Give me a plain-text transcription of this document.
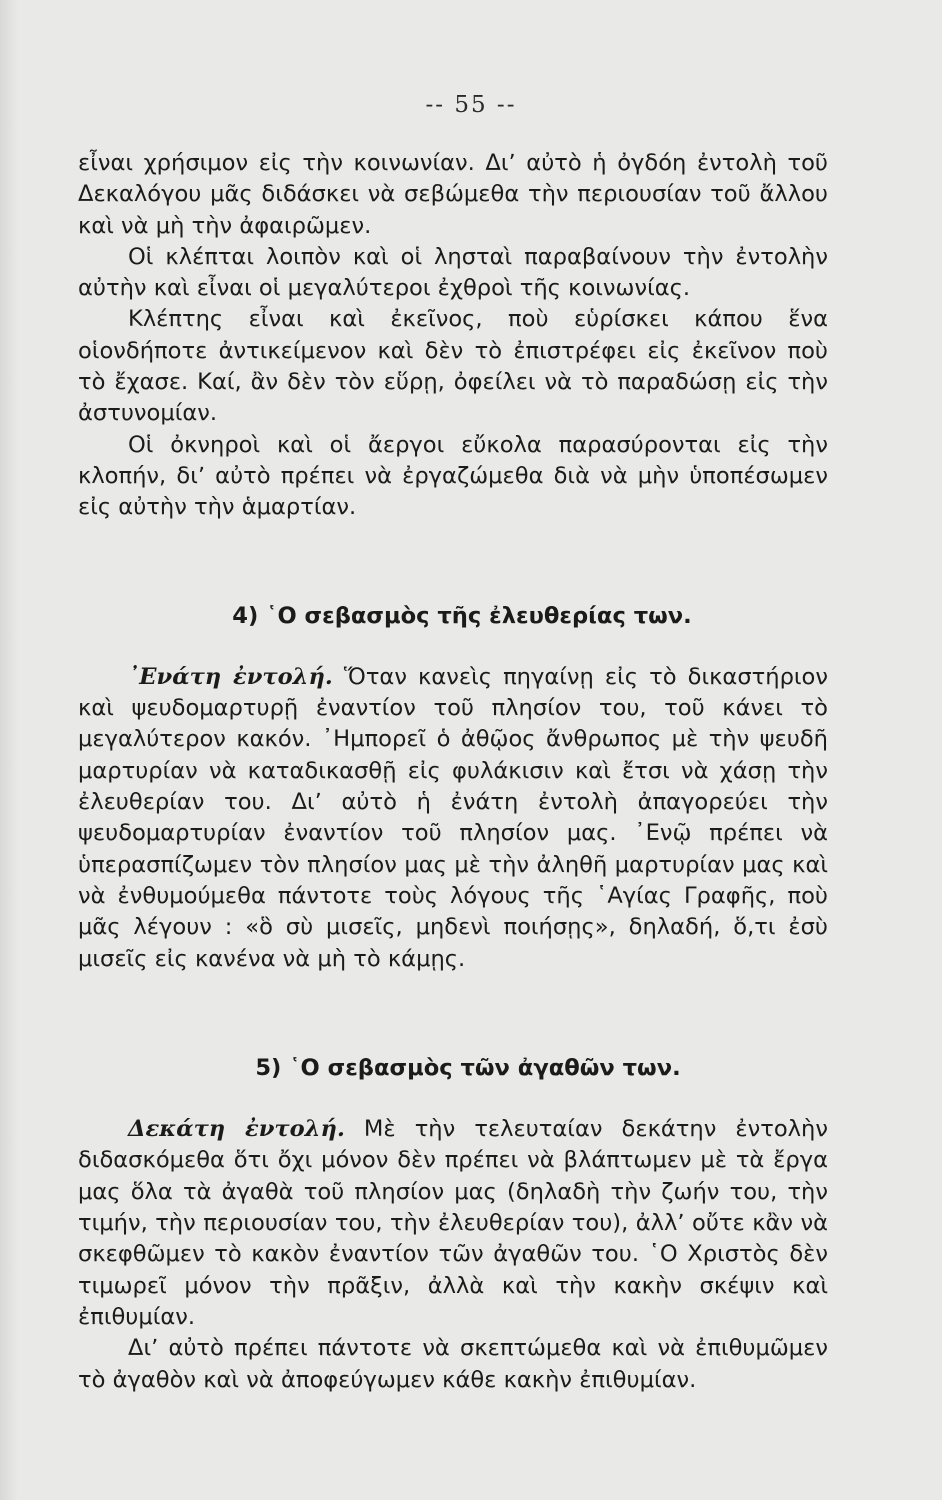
-- 55 --

εἶναι χρήσιμον εἰς τὴν κοινωνίαν. Διʼ αὐτὸ ἡ ὀγδόη ἐντολὴ τοῦ Δεκαλόγου μᾶς διδάσκει νὰ σεβώμεθα τὴν περιουσίαν τοῦ ἄλλου καὶ νὰ μὴ τὴν ἀφαιρῶμεν.

Οἱ κλέπται λοιπὸν καὶ οἱ λησταὶ παραβαίνουν τὴν ἐντολὴν αὐτὴν καὶ εἶναι οἱ μεγαλύτεροι ἐχθροὶ τῆς κοινωνίας.

Κλέπτης εἶναι καὶ ἐκεῖνος, ποὺ εὑρίσκει κάπου ἕνα οἱονδήποτε ἀντικείμενον καὶ δὲν τὸ ἐπιστρέφει εἰς ἐκεῖνον ποὺ τὸ ἔχασε. Καί, ἂν δὲν τὸν εὕρῃ, ὀφείλει νὰ τὸ παραδώσῃ εἰς τὴν ἀστυνομίαν.

Οἱ ὀκνηροὶ καὶ οἱ ἄεργοι εὔκολα παρασύρονται εἰς τὴν κλοπήν, διʼ αὐτὸ πρέπει νὰ ἐργαζώμεθα διὰ νὰ μὴν ὑποπέσωμεν εἰς αὐτὴν τὴν ἁμαρτίαν.

4) ῾Ο σεβασμὸς τῆς ἐλευθερίας των.

᾿Ενάτη ἐντολή. Ὅταν κανεὶς πηγαίνῃ εἰς τὸ δικαστήριον καὶ ψευδομαρτυρῇ ἐναντίον τοῦ πλησίον του, τοῦ κάνει τὸ μεγαλύτερον κακόν. ᾿Ημπορεῖ ὁ ἀθῷος ἄνθρωπος μὲ τὴν ψευδῆ μαρτυρίαν νὰ καταδικασθῇ εἰς φυλάκισιν καὶ ἔτσι νὰ χάσῃ τὴν ἐλευθερίαν του. Διʼ αὐτὸ ἡ ἐνάτη ἐντολὴ ἀπαγορεύει τὴν ψευδομαρτυρίαν ἐναντίον τοῦ πλησίον μας. ᾿Ενῷ πρέπει νὰ ὑπερασπίζωμεν τὸν πλησίον μας μὲ τὴν ἀληθῆ μαρτυρίαν μας καὶ νὰ ἐνθυμούμεθα πάντοτε τοὺς λόγους τῆς ῾Αγίας Γραφῆς, ποὺ μᾶς λέγουν : «ὃ σὺ μισεῖς, μηδενὶ ποιήσῃς», δηλαδή, ὅ,τι ἐσὺ μισεῖς εἰς κανένα νὰ μὴ τὸ κάμῃς.

5) ῾Ο σεβασμὸς τῶν ἀγαθῶν των.

Δεκάτη ἐντολή. Μὲ τὴν τελευταίαν δεκάτην ἐντολὴν διδασκόμεθα ὅτι ὄχι μόνον δὲν πρέπει νὰ βλάπτωμεν μὲ τὰ ἔργα μας ὅλα τὰ ἀγαθὰ τοῦ πλησίον μας (δηλαδὴ τὴν ζωήν του, τὴν τιμήν, τὴν περιουσίαν του, τὴν ἐλευθερίαν του), ἀλλʼ οὔτε κἂν νὰ σκεφθῶμεν τὸ κακὸν ἐναντίον τῶν ἀγαθῶν του. ῾Ο Χριστὸς δὲν τιμωρεῖ μόνον τὴν πρᾶξιν, ἀλλὰ καὶ τὴν κακὴν σκέψιν καὶ ἐπιθυμίαν.

Διʼ αὐτὸ πρέπει πάντοτε νὰ σκεπτώμεθα καὶ νὰ ἐπιθυμῶμεν τὸ ἀγαθὸν καὶ νὰ ἀποφεύγωμεν κάθε κακὴν ἐπιθυμίαν.
